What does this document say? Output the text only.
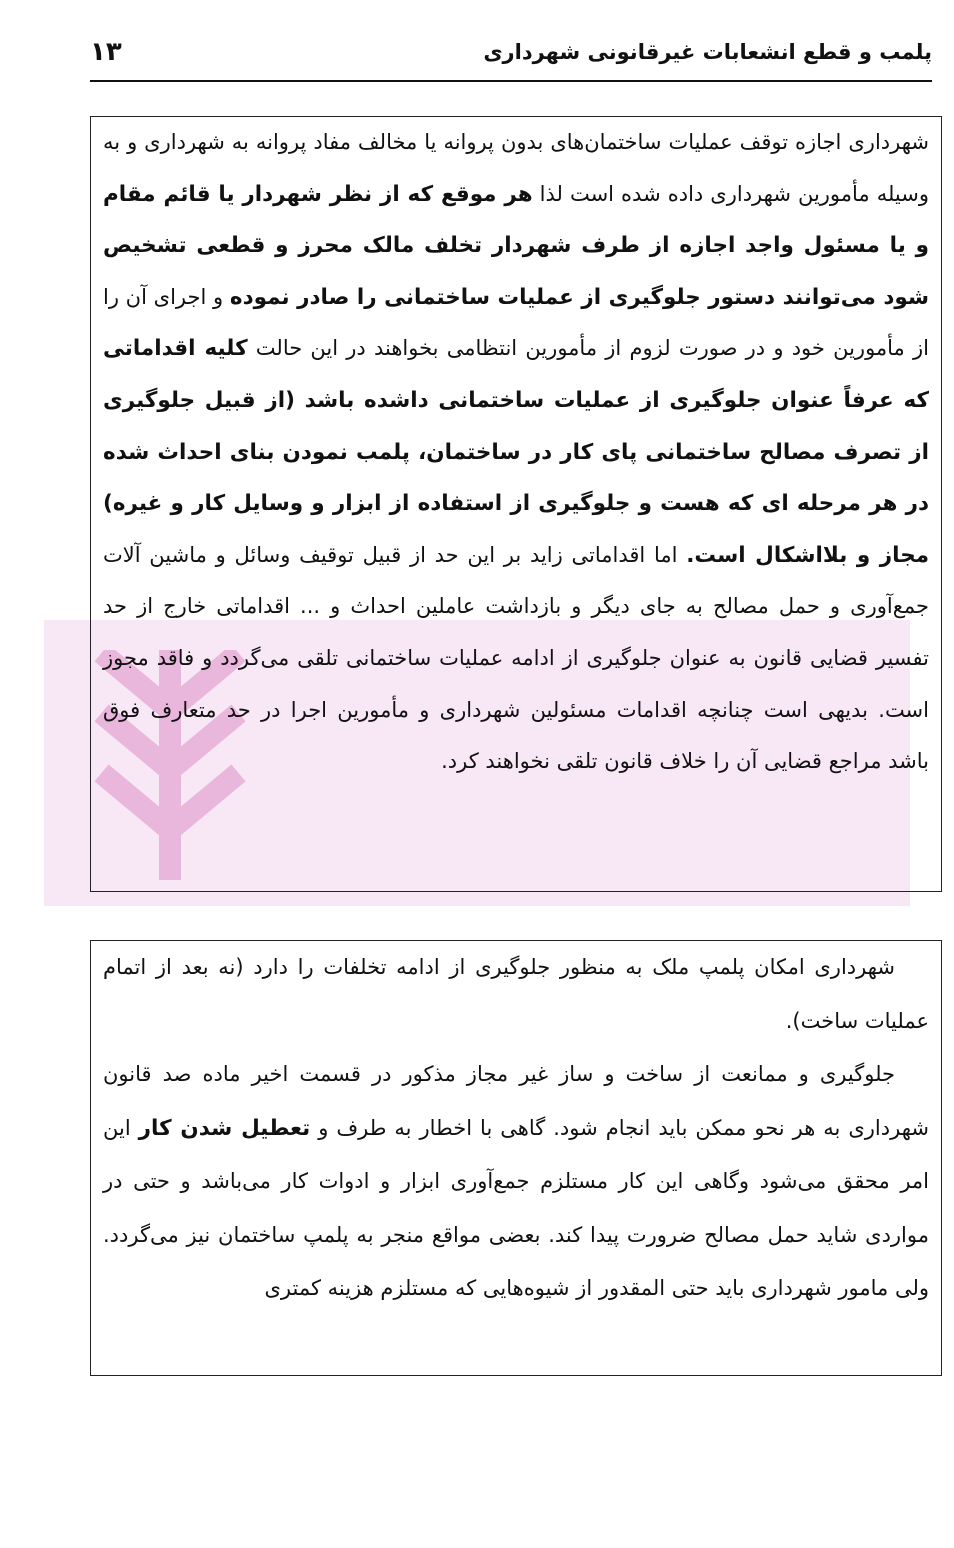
پلمب و قطع انشعابات غیرقانونی شهرداری
۱۳

شهرداری اجازه توقف عملیات ساختمان‌های بدون پروانه یا مخالف مفاد پروانه به شهرداری و به وسیله مأمورین شهرداری داده شده است لذا هر موقع که از نظر شهردار یا قائم مقام و یا مسئول واجد اجازه از طرف شهردار تخلف مالک محرز و قطعی تشخیص شود می‌توانند دستور جلوگیری از عملیات ساختمانی را صادر نموده و اجرای آن را از مأمورین خود و در صورت لزوم از مأمورین انتظامی بخواهند در این حالت کلیه اقداماتی که عرفاً عنوان جلوگیری از عملیات ساختمانی داشده باشد (از قبیل جلوگیری از تصرف مصالح ساختمانی پای کار در ساختمان، پلمب نمودن بنای احداث شده در هر مرحله ای که هست و جلوگیری از استفاده از ابزار و وسایل کار و غیره) مجاز و بلااشکال است. اما اقداماتی زاید بر این حد از قبیل توقیف وسائل و ماشین آلات جمع‌آوری و حمل مصالح به جای دیگر و بازداشت عاملین احداث و ... اقداماتی خارج از حد تفسیر قضایی قانون به عنوان جلوگیری از ادامه عملیات ساختمانی تلقی می‌گردد و فاقد مجوز است. بدیهی است چنانچه اقدامات مسئولین شهرداری و مأمورین اجرا در حد متعارف فوق باشد مراجع قضایی آن را خلاف قانون تلقی نخواهند کرد.

شهرداری امکان پلمپ ملک به منظور جلوگیری از ادامه تخلفات را دارد (نه بعد از اتمام عملیات ساخت).

جلوگیری و ممانعت از ساخت و ساز غیر مجاز مذکور در قسمت اخیر ماده صد قانون شهرداری به هر نحو ممکن باید انجام شود. گاهی با اخطار به طرف و تعطیل شدن کار این امر محقق می‌شود وگاهی این کار مستلزم جمع‌آوری ابزار و ادوات کار می‌باشد و حتی در مواردی شاید حمل مصالح ضرورت پیدا کند. بعضی مواقع منجر به پلمپ ساختمان نیز می‌گردد. ولی مامور شهرداری باید حتی المقدور از شیوه‌هایی که مستلزم هزینه کمتری
